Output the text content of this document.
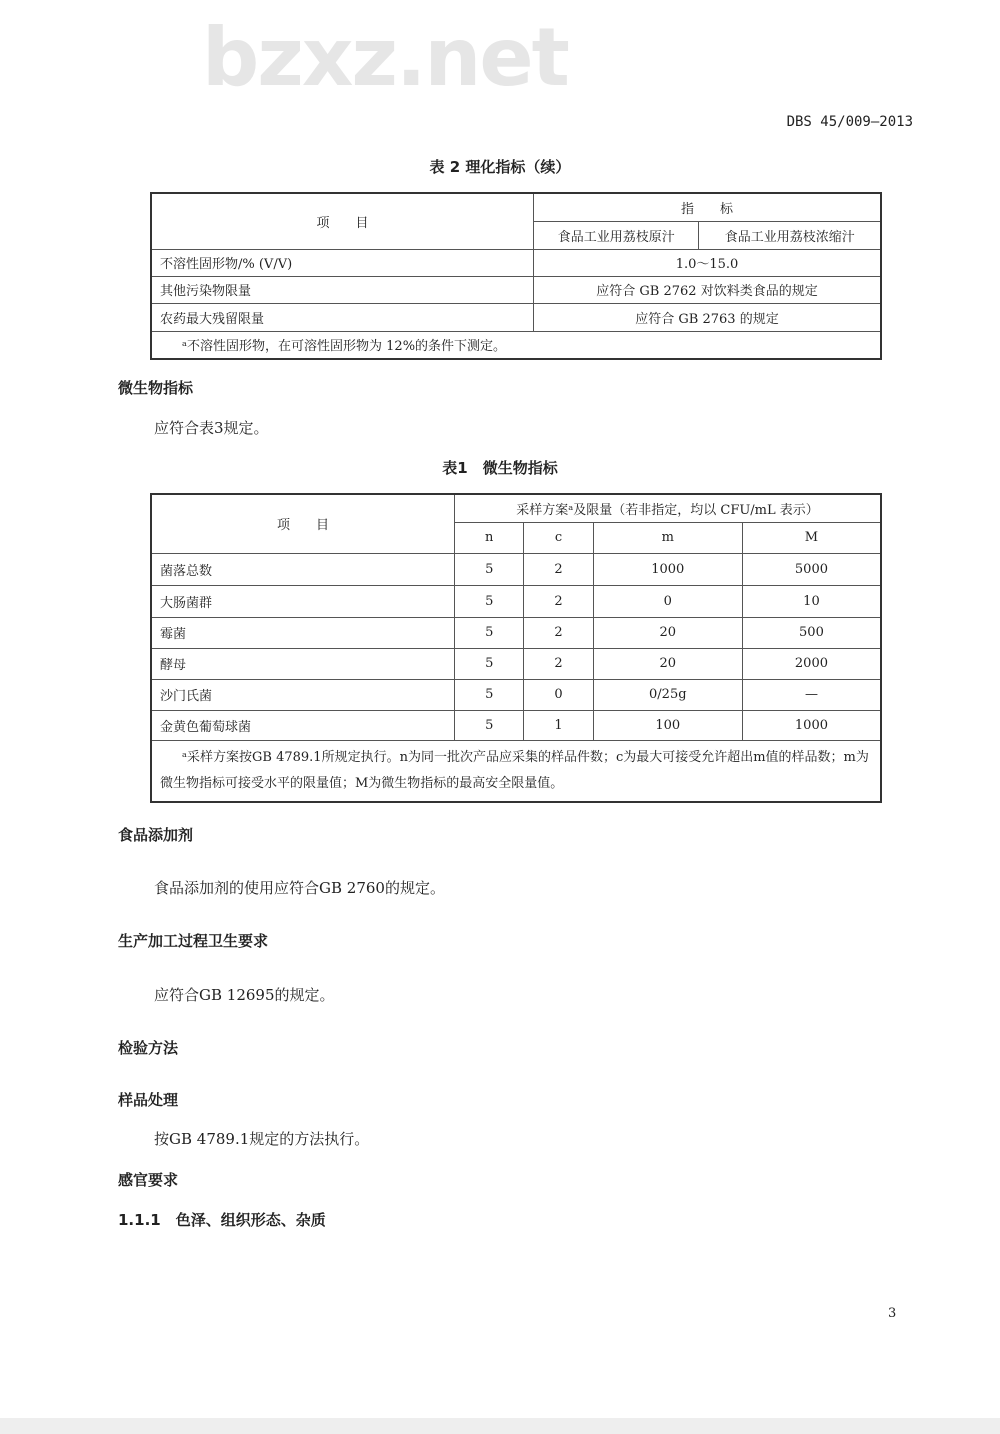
bzxz.net
DBS 45/009—2013
表 2 理化指标（续）
项　　目	指　　标	
	食品工业用荔枝原汁	食品工业用荔枝浓缩汁
不溶性固形物/% (V/V)	1.0～15.0	
其他污染物限量	应符合 GB 2762 对饮料类食品的规定	
农药最大残留限量	应符合 GB 2763 的规定	
ᵃ不溶性固形物，在可溶性固形物为 12%的条件下测定。		
微生物指标
应符合表3规定。
表1　微生物指标
项　　目	采样方案ᵃ及限量（若非指定，均以 CFU/mL 表示）			
	n	c	m	M
菌落总数	5	2	1000	5000
大肠菌群	5	2	0	10
霉菌	5	2	20	500
酵母	5	2	20	2000
沙门氏菌	5	0	0/25g	—
金黄色葡萄球菌	5	1	100	1000
ᵃ采样方案按GB 4789.1所规定执行。n为同一批次产品应采集的样品件数；c为最大可接受允许超出m值的样品数；m为微生物指标可接受水平的限量值；M为微生物指标的最高安全限量值。				
食品添加剂
食品添加剂的使用应符合GB 2760的规定。
生产加工过程卫生要求
应符合GB 12695的规定。
检验方法
样品处理
按GB 4789.1规定的方法执行。
感官要求
1.1.1　色泽、组织形态、杂质
3
